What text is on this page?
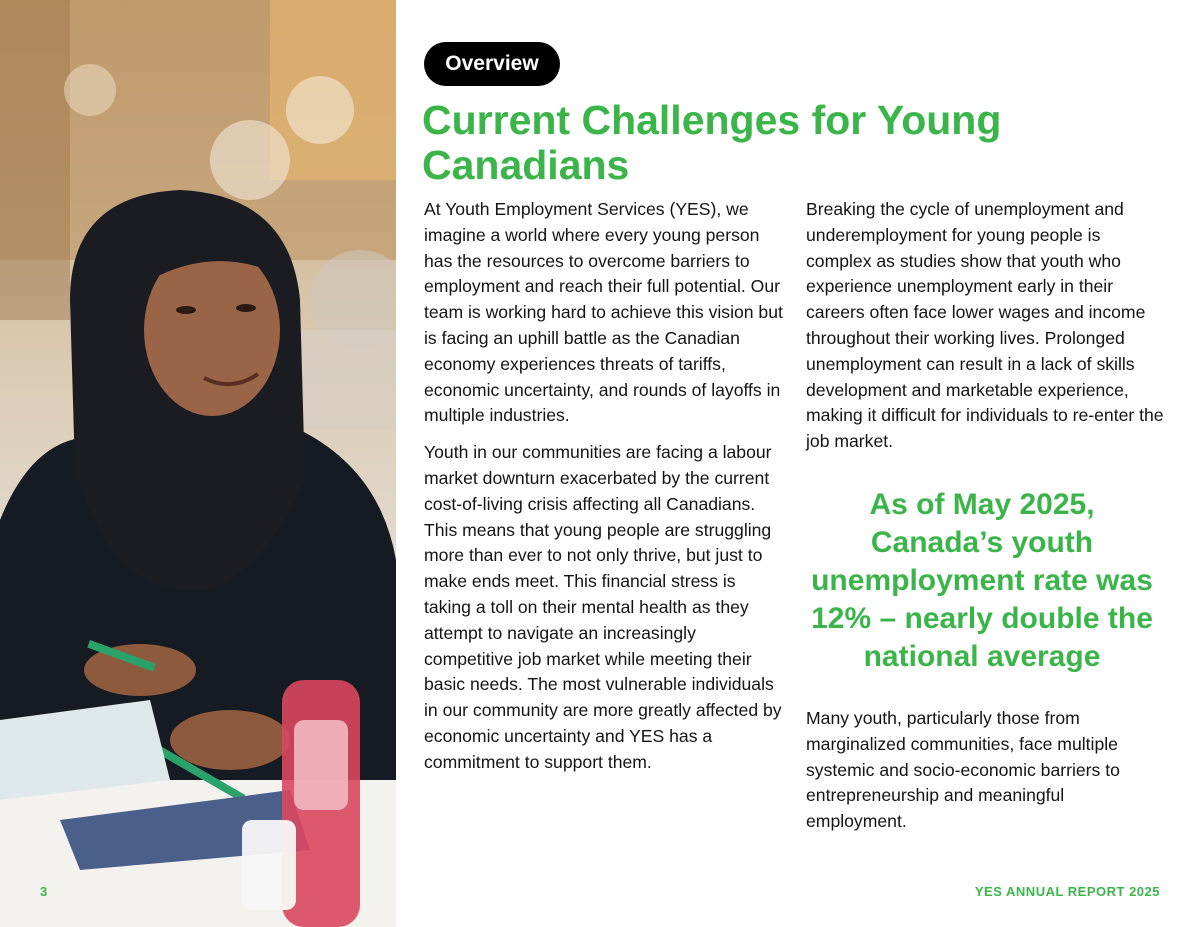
3
Overview
Current Challenges for Young Canadians

At Youth Employment Services (YES), we imagine a world where every young person has the resources to overcome barriers to employment and reach their full potential. Our team is working hard to achieve this vision but is facing an uphill battle as the Canadian economy experiences threats of tariffs, economic uncertainty, and rounds of layoffs in multiple industries.

Youth in our communities are facing a labour market downturn exacerbated by the current cost-of-living crisis affecting all Canadians. This means that young people are struggling more than ever to not only thrive, but just to make ends meet. This financial stress is taking a toll on their mental health as they attempt to navigate an increasingly competitive job market while meeting their basic needs. The most vulnerable individuals in our community are more greatly affected by economic uncertainty and YES has a commitment to support them.

Breaking the cycle of unemployment and underemployment for young people is complex as studies show that youth who experience unemployment early in their careers often face lower wages and income throughout their working lives. Prolonged unemployment can result in a lack of skills development and marketable experience, making it difficult for individuals to re-enter the job market.

As of May 2025, Canada’s youth unemployment rate was 12% – nearly double the national average

Many youth, particularly those from marginalized communities, face multiple systemic and socio-economic barriers to entrepreneurship and meaningful employment.

YES ANNUAL REPORT 2025
